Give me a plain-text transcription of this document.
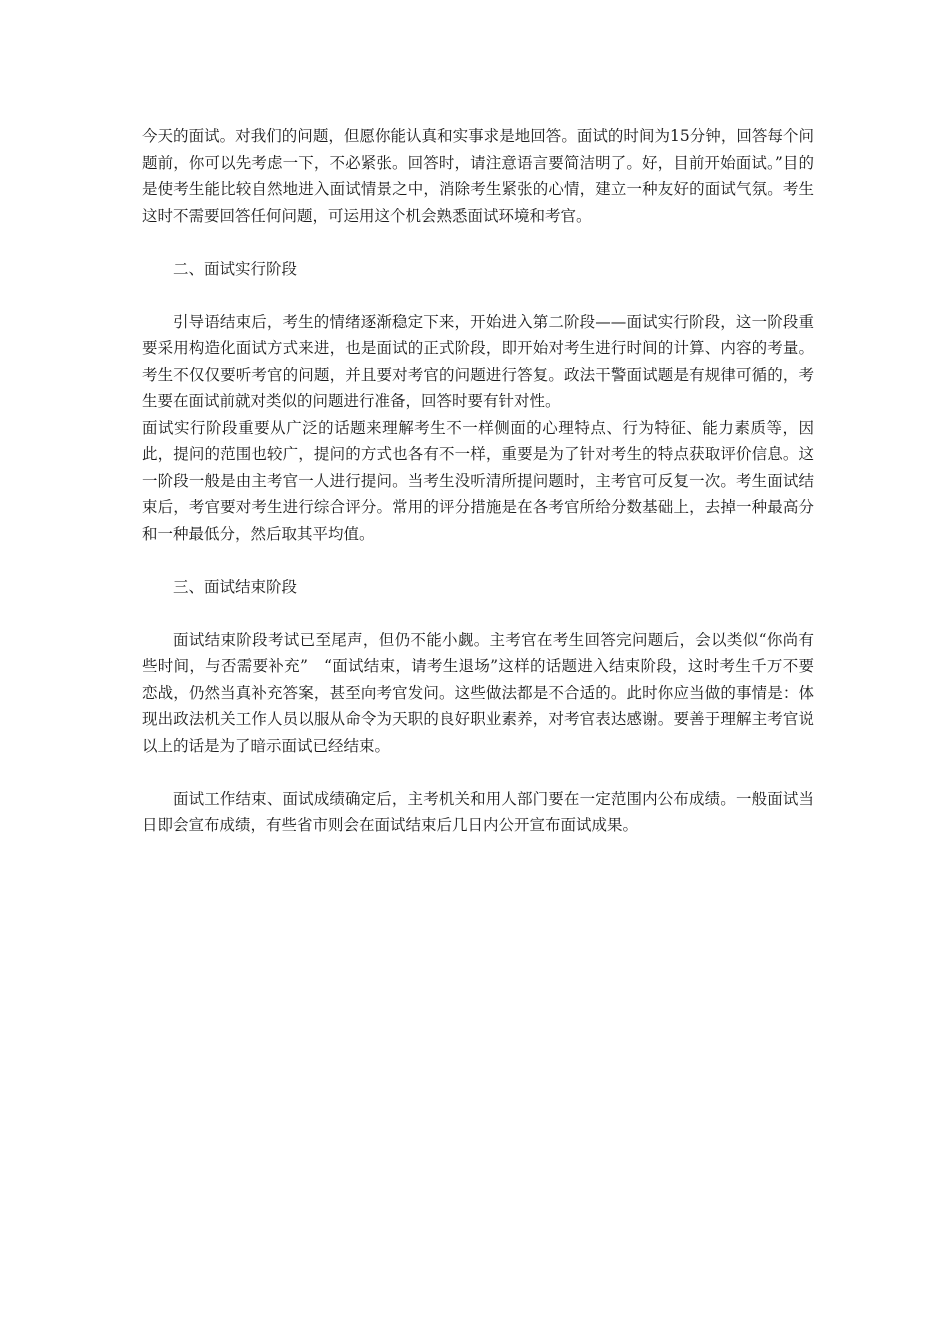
今天的面试。对我们的问题，但愿你能认真和实事求是地回答。面试的时间为15分钟，回答每个问题前，你可以先考虑一下，不必紧张。回答时，请注意语言要简洁明了。好，目前开始面试。”目的是使考生能比较自然地进入面试情景之中，消除考生紧张的心情，建立一种友好的面试气氛。考生这时不需要回答任何问题，可运用这个机会熟悉面试环境和考官。

二、面试实行阶段

引导语结束后，考生的情绪逐渐稳定下来，开始进入第二阶段——面试实行阶段，这一阶段重要采用构造化面试方式来进，也是面试的正式阶段，即开始对考生进行时间的计算、内容的考量。考生不仅仅要听考官的问题，并且要对考官的问题进行答复。政法干警面试题是有规律可循的，考生要在面试前就对类似的问题进行准备，回答时要有针对性。

面试实行阶段重要从广泛的话题来理解考生不一样侧面的心理特点、行为特征、能力素质等，因此，提问的范围也较广，提问的方式也各有不一样，重要是为了针对考生的特点获取评价信息。这一阶段一般是由主考官一人进行提问。当考生没听清所提问题时，主考官可反复一次。考生面试结束后，考官要对考生进行综合评分。常用的评分措施是在各考官所给分数基础上，去掉一种最高分和一种最低分，然后取其平均值。

三、面试结束阶段

面试结束阶段考试已至尾声，但仍不能小觑。主考官在考生回答完问题后，会以类似“你尚有些时间，与否需要补充”　“面试结束，请考生退场”这样的话题进入结束阶段，这时考生千万不要恋战，仍然当真补充答案，甚至向考官发问。这些做法都是不合适的。此时你应当做的事情是：体现出政法机关工作人员以服从命令为天职的良好职业素养，对考官表达感谢。要善于理解主考官说以上的话是为了暗示面试已经结束。

面试工作结束、面试成绩确定后，主考机关和用人部门要在一定范围内公布成绩。一般面试当日即会宣布成绩，有些省市则会在面试结束后几日内公开宣布面试成果。
